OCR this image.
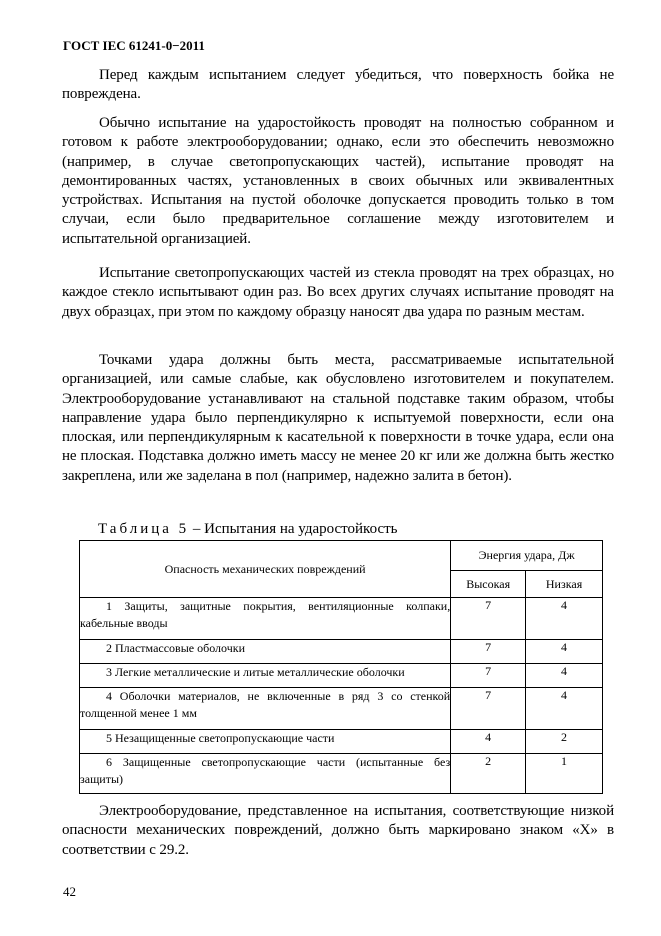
ГОСТ IEC 61241-0−2011

Перед каждым испытанием следует убедиться, что поверхность бойка не повреждена.

Обычно испытание на ударостойкость проводят на полностью собранном и готовом к работе электрооборудовании; однако, если это обеспечить невозможно (например, в случае светопропускающих частей), испытание проводят на демонтированных частях, установленных в своих обычных или эквивалентных устройствах. Испытания на пустой оболочке допускается проводить только в том случаи, если было предварительное соглашение между изготовителем и испытательной организацией.

Испытание светопропускающих частей из стекла проводят на трех образцах, но каждое стекло испытывают один раз. Во всех других случаях испытание проводят на двух образцах, при этом по каждому образцу наносят два удара по разным местам.

Точками удара должны быть места, рассматриваемые испытательной организацией, или самые слабые, как обусловлено изготовителем и покупателем. Электрооборудование устанавливают на стальной подставке таким образом, чтобы направление удара было перпендикулярно к испытуемой поверхности, если она плоская, или перпендикулярным к касательной к поверхности в точке удара, если она не плоская. Подставка должно иметь массу не менее 20 кг или же должна быть жестко закреплена, или же заделана в пол (например, надежно залита в бетон).

Таблица 5 – Испытания на ударостойкость
Опасность механических повреждений	Энергия удара, Дж	
	Высокая	Низкая
1 Защиты, защитные покрытия, вентиляционные колпаки, кабельные вводы	7	4
2 Пластмассовые оболочки	7	4
3 Легкие металлические и литые металлические оболочки	7	4
4 Оболочки материалов, не включенные в ряд 3 со стенкой толщенной менее 1 мм	7	4
5 Незащищенные светопропускающие части	4	2
6 Защищенные светопропускающие части (испытанные без защиты)	2	1

Электрооборудование, представленное на испытания, соответствующие низкой опасности механических повреждений, должно быть маркировано знаком «X» в соответствии с 29.2.

42
